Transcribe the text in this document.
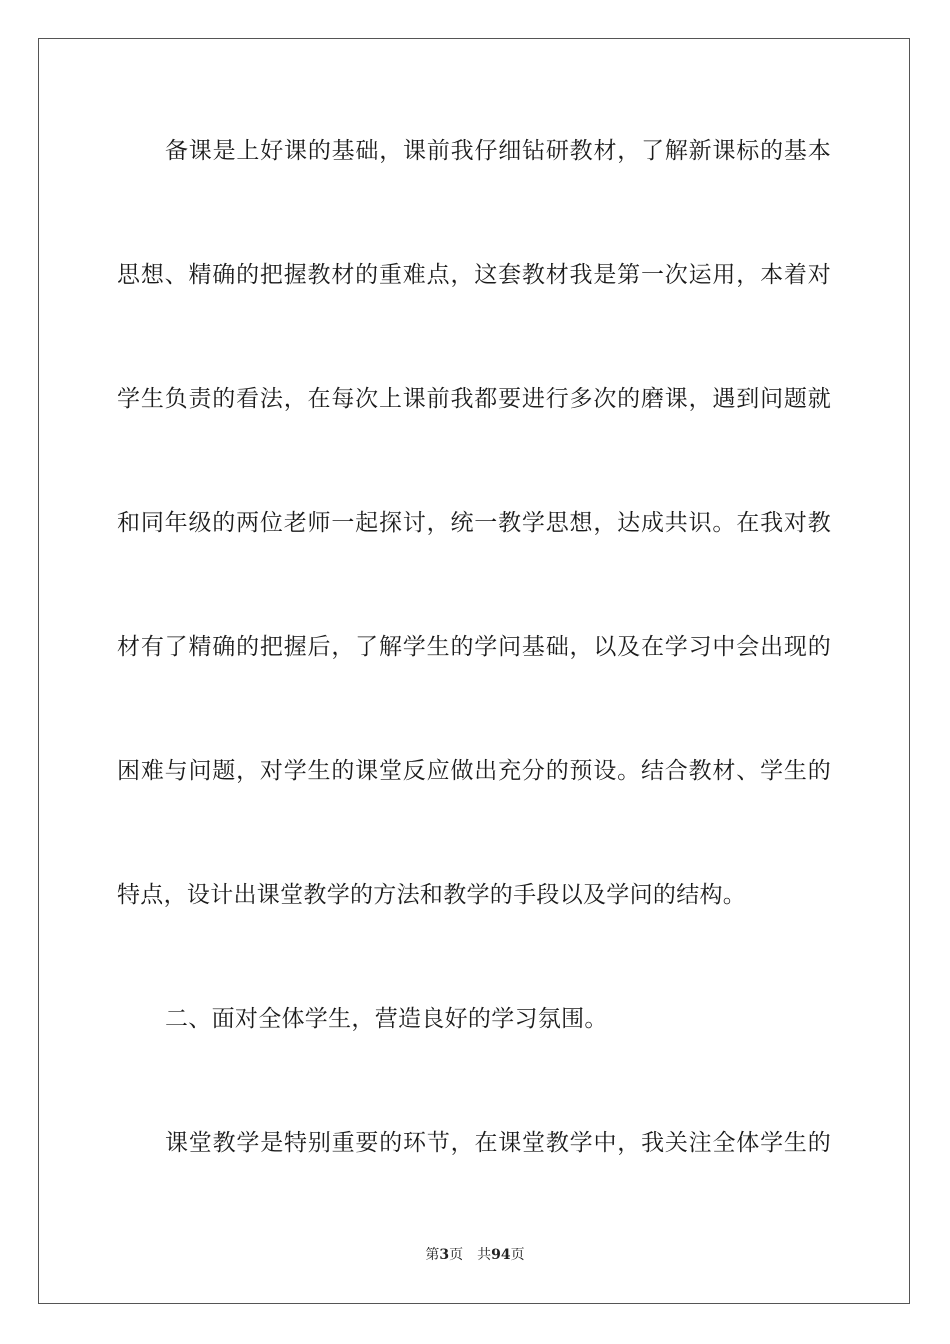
备课是上好课的基础，课前我仔细钻研教材，了解新课标的基本
思想、精确的把握教材的重难点，这套教材我是第一次运用，本着对
学生负责的看法，在每次上课前我都要进行多次的磨课，遇到问题就
和同年级的两位老师一起探讨，统一教学思想，达成共识。在我对教
材有了精确的把握后，了解学生的学问基础，以及在学习中会出现的
困难与问题，对学生的课堂反应做出充分的预设。结合教材、学生的
特点，设计出课堂教学的方法和教学的手段以及学问的结构。
二、面对全体学生，营造良好的学习氛围。
课堂教学是特别重要的环节，在课堂教学中，我关注全体学生的
第3页 共94页
